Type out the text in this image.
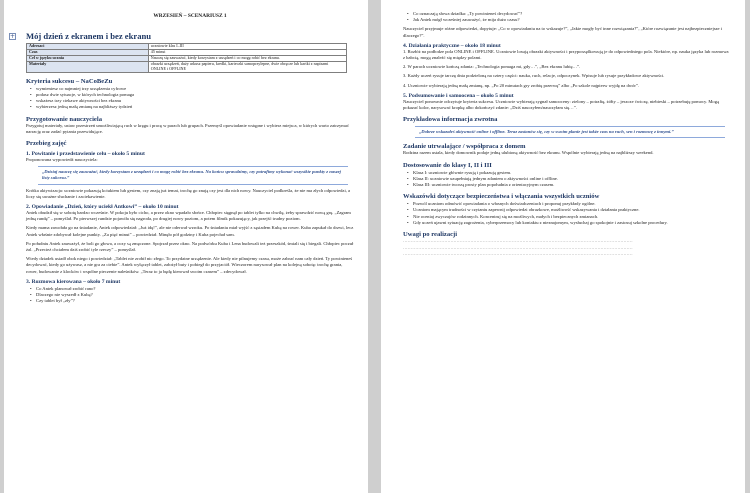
WRZESIEŃ – SCENARIUSZ 1

+ Mój dzień z ekranem i bez ekranu
Adresaci	uczniowie klas I–III
Czas	45 minut
Cel w języku ucznia	Nauczę się zauważać, kiedy korzystam z urządzeń i co mogę robić bez ekranu.
Materiały	obrazki urządzeń, duży arkusz papieru, kredki, karteczki samoprzylepne, dwie obręcze lub kartki z napisami ONLINE i OFFLINE
Kryteria sukcesu – NaCoBeZu
• wymieniesz co najmniej trzy urządzenia cyfrowe
• podasz dwie sytuacje, w których technologia pomaga
• wskażesz trzy ciekawe aktywności bez ekranu
• wybierzesz jedną małą zmianę na najbliższy tydzień
Przygotowanie nauczyciela

Przygotuj materiały, ustaw przestrzeń umożliwiającą ruch w kręgu i pracę w parach lub grupach. Przemyśl opowiadanie wstępne i wybierz miejsca, w których warto zatrzymać narrację oraz zadać pytania przewidujące.

Przebieg zajęć
1. Powitanie i przedstawienie celu – około 5 minut

Proponowana wypowiedź nauczyciela:

„Dzisiaj nauczę się zauważać, kiedy korzystam z urządzeń i co mogę robić bez ekranu. Na końcu sprawdzimy, czy potrafimy wykonać wszystkie punkty z naszej listy sukcesu.”

Krótka aktywizacja: uczniowie pokazują kciukiem lub gestem, czy znają już temat, trochę go znają czy jest dla nich nowy. Nauczyciel podkreśla, że nie ma złych odpowiedzi, a liczy się uważne słuchanie i zaciekawienie.

2. Opowiadanie „Dzień, który uciekł Antkowi” – około 10 minut

Antek obudził się w sobotę bardzo wcześnie. W pokoju było cicho, a przez okno wpadało słońce. Chłopiec sięgnął po tablet tylko na chwilę, żeby sprawdzić nową grę. „Zagram jedną rundę” – pomyślał. Po pierwszej rundzie pojawiła się nagroda, po drugiej nowy poziom, a potem filmik pokazujący, jak przejść trudny poziom.

Kiedy mama zawołała go na śniadanie, Antek odpowiedział: „Już idę!”, ale nie oderwał wzroku. Po śniadaniu miał wyjść z sąsiadem Kubą na rower. Kuba zapukał do drzwi, lecz Antek właśnie zdobywał kolejne punkty. „Za pięć minut” – powiedział. Minęło pół godziny i Kuba pojechał sam.

Po południu Antek zauważył, że boli go głowa, a oczy są zmęczone. Spojrzał przez okno. Na podwórku Kuba i Lena budowali też przeszkód, śmiali się i biegali. Chłopiec poczuł żal. „Przecież chciałem dziś zrobić tyle rzeczy” – pomyślał.

Wtedy dziadek usiadł obok niego i powiedział: „Tablet nie zrobił nic złego. To przydatne urządzenie. Ale kiedy nie pilnujemy czasu, może zabrać nam cały dzień. Ty powinieneś decydować, kiedy go używasz, a nie gra za ciebie”. Antek wyłączył tablet, założył buty i pobiegł do przyjaciół. Wieczorem narysował plan na kolejną sobotę: trochę grania, rower, budowanie z klocków i wspólne pieczenie naleśników. „Teraz to ja będę kierował swoim czasem” – zdecydował.

3. Rozmowa kierowana – około 7 minut
• Co Antek planował zrobić rano?
• Dlaczego nie wyszedł z Kubą?
• Czy tablet był „zły”?
• Co oznaczają słowa dziadka: „Ty powinieneś decydować”?
• Jak Antek mógł wcześniej zauważyć, że mija dużo czasu?

Nauczyciel przyjmuje różne odpowiedzi, dopytuje: „Co w opowiadaniu na to wskazuje?”, „Jakie mogły być inne rozwiązania?”, „Które rozwiązanie jest najbezpieczniejsze i dlaczego?”.

4. Działania praktyczne – około 18 minut

1. Rozłóż na podłodze pola ONLINE i OFFLINE. Uczniowie losują obrazki aktywności i przyporządkowują je do odpowiedniego pola. Niektóre, np. nauka języka lub rozmowa z babcią, mogą znaleźć się między polami.

2. W parach uczniowie kończą zdania: „Technologia pomaga mi, gdy…”, „Bez ekranu lubię…”.

3. Każdy uczeń rysuje tarczę dnia podzieloną na cztery części: nauka, ruch, relacje, odpoczynek. Wpisuje lub rysuje przykładowe aktywności.

4. Uczniowie wybierają jedną małą zmianę, np. „Po 20 minutach gry zrobię przerwę” albo „Po szkole najpierw wyjdę na dwór”.

5. Podsumowanie i samoocena – około 5 minut

Nauczyciel ponownie odczytuje kryteria sukcesu. Uczniowie wybierają sygnał samooceny: zielony – potrafię, żółty – jeszcze ćwiczę, niebieski – potrzebuję pomocy. Mogą pokazać kolor, narysować kropkę albo dokończyć zdanie: „Dziś nauczyłem/nauczyłam się…”.

Przykładowa informacja zwrotna

„Dobrze wskazałeś aktywność online i offline. Teraz zastanów się, czy w swoim planie jest także czas na ruch, sen i rozmowę z innymi.”

Zadanie utrwalające / współpraca z domem

Rodzina razem ustala, kiedy domownik podaje jedną ulubioną aktywność bez ekranu. Wspólnie wybierają jedną na najbliższy weekend.

Dostosowanie do klasy I, II i III
• Klasa I: uczniowie głównie rysują i pokazują gestem.
• Klasa II: uczniowie uzupełniają jednym zdaniem o aktywności online i offline.
• Klasa III: uczniowie tworzą prosty plan popołudnia z orientacyjnym czasem.
Wskazówki dotyczące bezpieczeństwa i włączania wszystkich uczniów
• Pozwól uczniom odmówić opowiadania o własnych doświadczeniach i proponuj przykłady ogólne.
• Uczniom mającym trudności w czytaniu zapewnij odpowiedzi obrazkowe, możliwość wskazywania i działania praktyczne.
• Nie oceniaj zwyczajów rodzinnych. Koncentruj się na możliwych, małych i bezpiecznych zmianach.
• Gdy uczeń ujawni sytuację zagrożenia, cyberprzemocy lub kontaktu z nieznajomym, wysłuchaj go spokojnie i zastosuj szkolne procedury.
Uwagi po realizacji
……………………………………………………………………………………………………………………………………
……………………………………………………………………………………………………………………………………
……………………………………………………………………………………………………………………………………
